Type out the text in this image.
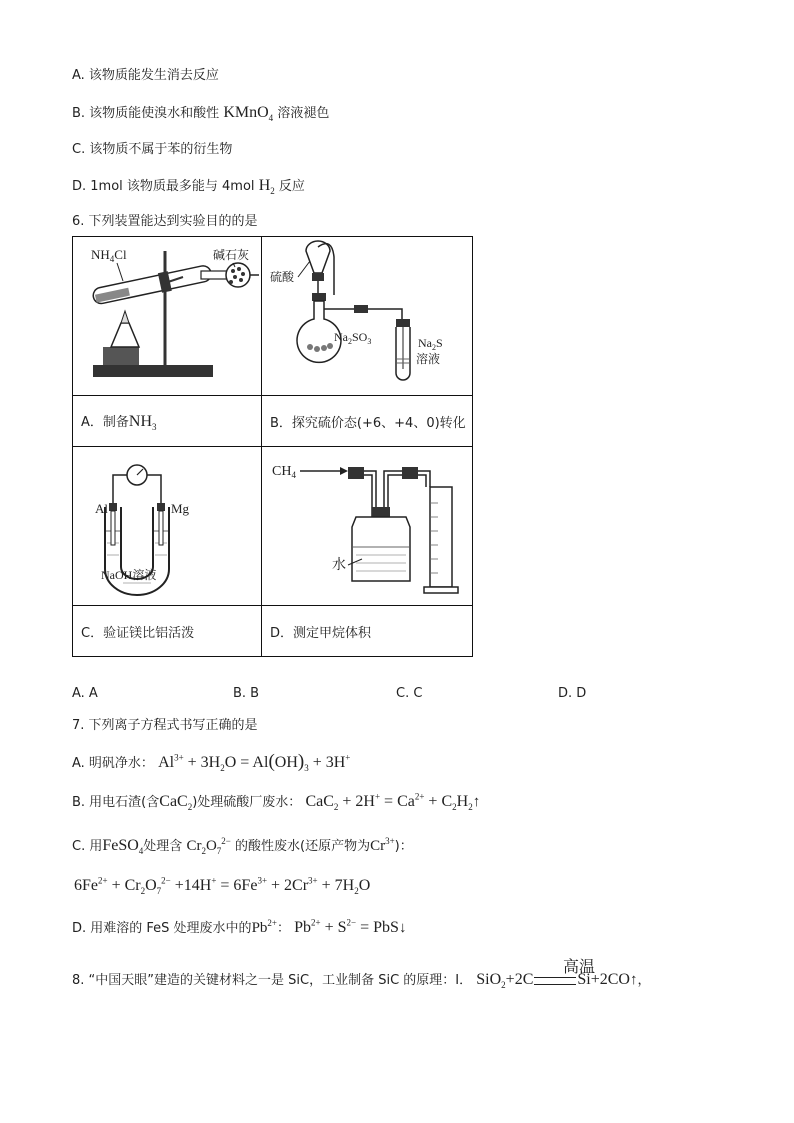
A. 该物质能发生消去反应
B. 该物质能使溴水和酸性 KMnO$_4$ 溶液褪色
C. 该物质不属于苯的衍生物
D. 1mol 该物质最多能与 4mol $H_2$ 反应
6. 下列装置能达到实验目的的是
$NH_4Cl$ 碱石灰	硫酸
$Na_2SO_3$ $Na_2S$
溶液

A．制备$NH_3$	B．探究硫价态(+6、+4、0)转化

Al Mg
NaOH溶液	$CH_4$
水

C．验证镁比铝活泼	D．测定甲烷体积
A. A	B. B	C. C	D. D
7. 下列离子方程式书写正确的是
A. 明矾净水： $Al^{3+} + 3H_2O = Al(OH)_3 + 3H^+$
B. 用电石渣(含CaC$_2$)处理硫酸厂废水： $CaC_2 + 2H^+ = Ca^{2+}$ + $C_2H_2↑$
C. 用FeSO$_4$处理含 $Cr_2O_7^{2-}$ 的酸性废水(还原产物为$Cr^{3+}$)：
$6Fe^{2+} + Cr_2O_7^{2-} +14H^+ = 6Fe^{3+} + 2Cr^{3+} + 7H_2O$
D. 用难溶的 FeS 处理废水中的$Pb^{2+}$： $Pb^{2+} + S^{2-}$ = PbS↓
高温
8. “中国天眼”建造的关键材料之一是 SiC，工业制备 SiC 的原理：Ⅰ． SiO$_2$+2C	Si+2CO↑，
